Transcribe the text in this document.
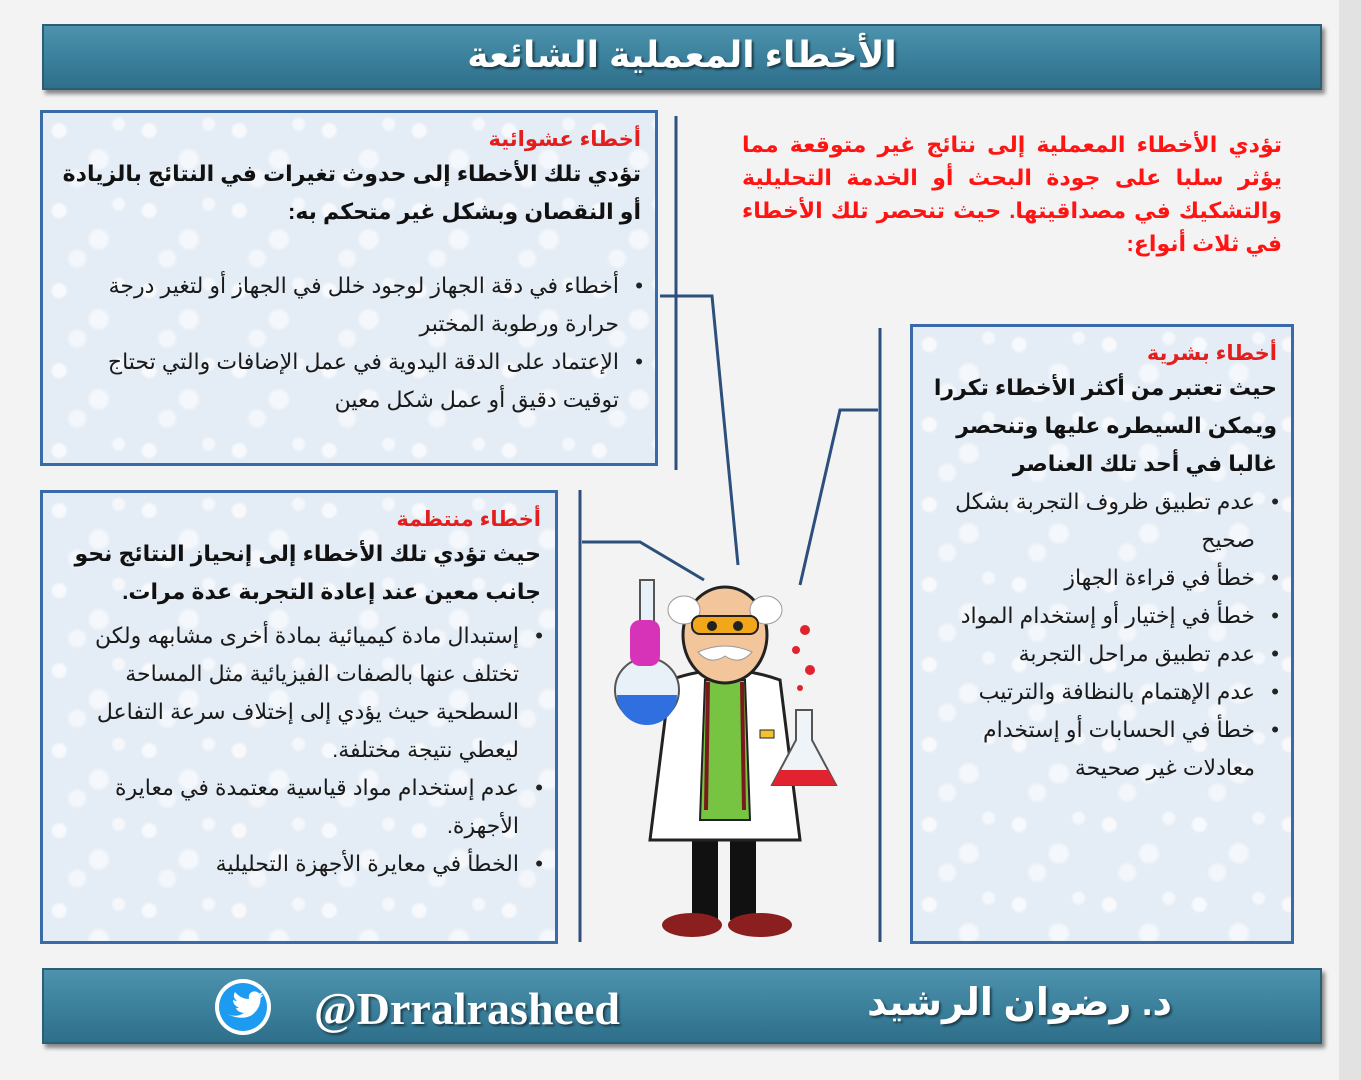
الأخطاء المعملية الشائعة
تؤدي الأخطاء المعملية إلى نتائج غير متوقعة مما يؤثر سلبا على جودة البحث أو الخدمة التحليلية والتشكيك في مصداقيتها. حيث تنحصر تلك الأخطاء في ثلاث أنواع:
أخطاء عشوائية
تؤدي تلك الأخطاء إلى حدوث تغيرات في النتائج بالزيادة أو النقصان وبشكل غير متحكم به:
• أخطاء في دقة الجهاز لوجود خلل في الجهاز أو لتغير درجة حرارة ورطوبة المختبر
• الإعتماد على الدقة اليدوية في عمل الإضافات والتي تحتاج توقيت دقيق أو عمل شكل معين
أخطاء منتظمة
حيث تؤدي تلك الأخطاء إلى إنحياز النتائج نحو جانب معين عند إعادة التجربة عدة مرات.
• إستبدال مادة كيميائية بمادة أخرى مشابهه ولكن تختلف عنها بالصفات الفيزيائية مثل المساحة السطحية حيث يؤدي إلى إختلاف سرعة التفاعل ليعطي نتيجة مختلفة.
• عدم إستخدام مواد قياسية معتمدة في معايرة الأجهزة.
• الخطأ في معايرة الأجهزة التحليلية
أخطاء بشرية
حيث تعتبر من أكثر الأخطاء تكررا ويمكن السيطره عليها وتنحصر غالبا في أحد تلك العناصر
• عدم تطبيق ظروف التجربة بشكل صحيح
• خطأ في قراءة الجهاز
• خطأ في إختيار أو إستخدام المواد
• عدم تطبيق مراحل التجربة
• عدم الإهتمام بالنظافة والترتيب
• خطأ في الحسابات أو إستخدام معادلات غير صحيحة
@Drralrasheed	د. رضوان الرشيد
